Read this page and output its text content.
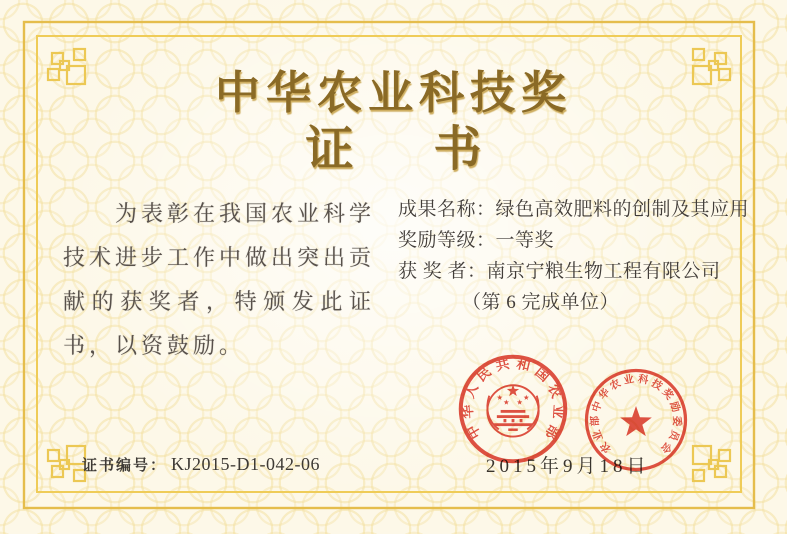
中华农业科技奖
证 书
为表彰在我国农业科学技术进步工作中做出突出贡献的获奖者，特颁发此证书，以资鼓励。
成果名称：绿色高效肥料的创制及其应用
奖励等级：一等奖
获 奖 者：南京宁粮生物工程有限公司
（第 6 完成单位）
证书编号： KJ2015-D1-042-06	2015年9月18日
中华人民共和国农业部
农业部中华农业科技奖励委员会
